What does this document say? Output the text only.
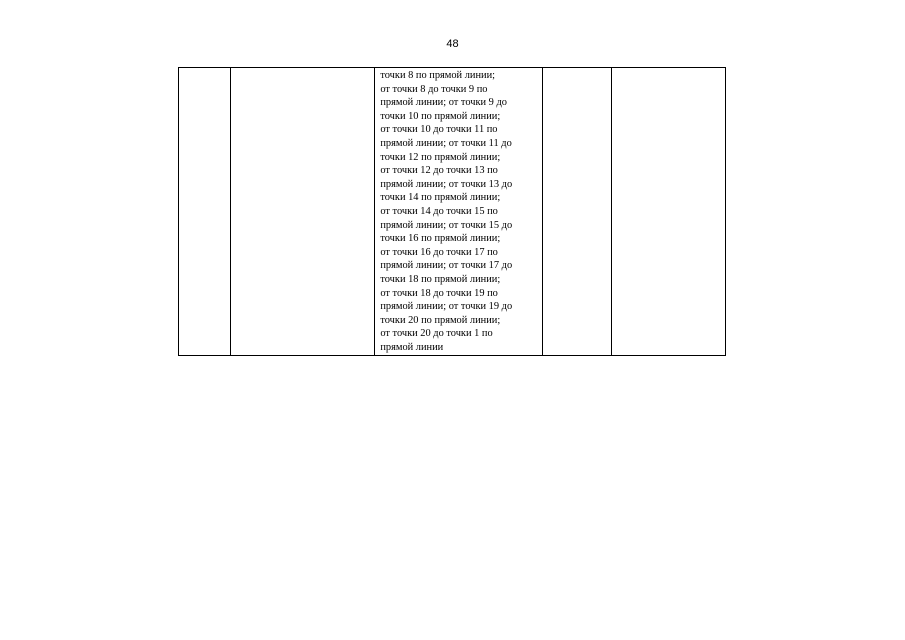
48

точки 8 по прямой линии;
от точки 8 до точки 9 по
прямой линии; от точки 9 до
точки 10 по прямой линии;
от точки 10 до точки 11 по
прямой линии; от точки 11 до
точки 12 по прямой линии;
от точки 12 до точки 13 по
прямой линии; от точки 13 до
точки 14 по прямой линии;
от точки 14 до точки 15 по
прямой линии; от точки 15 до
точки 16 по прямой линии;
от точки 16 до точки 17 по
прямой линии; от точки 17 до
точки 18 по прямой линии;
от точки 18 до точки 19 по
прямой линии; от точки 19 до
точки 20 по прямой линии;
от точки 20 до точки 1 по
прямой линии
